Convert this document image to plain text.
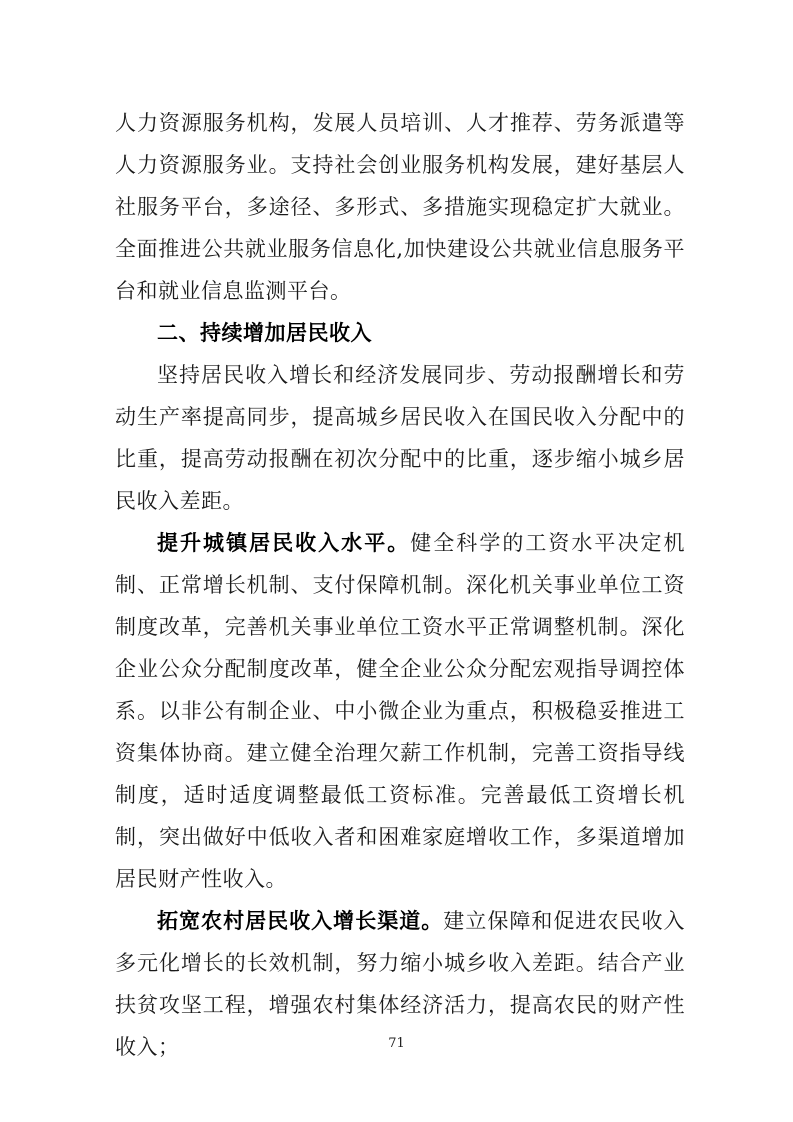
人力资源服务机构，发展人员培训、人才推荐、劳务派遣等人力资源服务业。支持社会创业服务机构发展，建好基层人社服务平台，多途径、多形式、多措施实现稳定扩大就业。全面推进公共就业服务信息化,加快建设公共就业信息服务平台和就业信息监测平台。

二、持续增加居民收入

坚持居民收入增长和经济发展同步、劳动报酬增长和劳动生产率提高同步，提高城乡居民收入在国民收入分配中的比重，提高劳动报酬在初次分配中的比重，逐步缩小城乡居民收入差距。

提升城镇居民收入水平。健全科学的工资水平决定机制、正常增长机制、支付保障机制。深化机关事业单位工资制度改革，完善机关事业单位工资水平正常调整机制。深化企业公众分配制度改革，健全企业公众分配宏观指导调控体系。以非公有制企业、中小微企业为重点，积极稳妥推进工资集体协商。建立健全治理欠薪工作机制，完善工资指导线制度，适时适度调整最低工资标准。完善最低工资增长机制，突出做好中低收入者和困难家庭增收工作，多渠道增加居民财产性收入。

拓宽农村居民收入增长渠道。建立保障和促进农民收入多元化增长的长效机制，努力缩小城乡收入差距。结合产业扶贫攻坚工程，增强农村集体经济活力，提高农民的财产性收入；	71
